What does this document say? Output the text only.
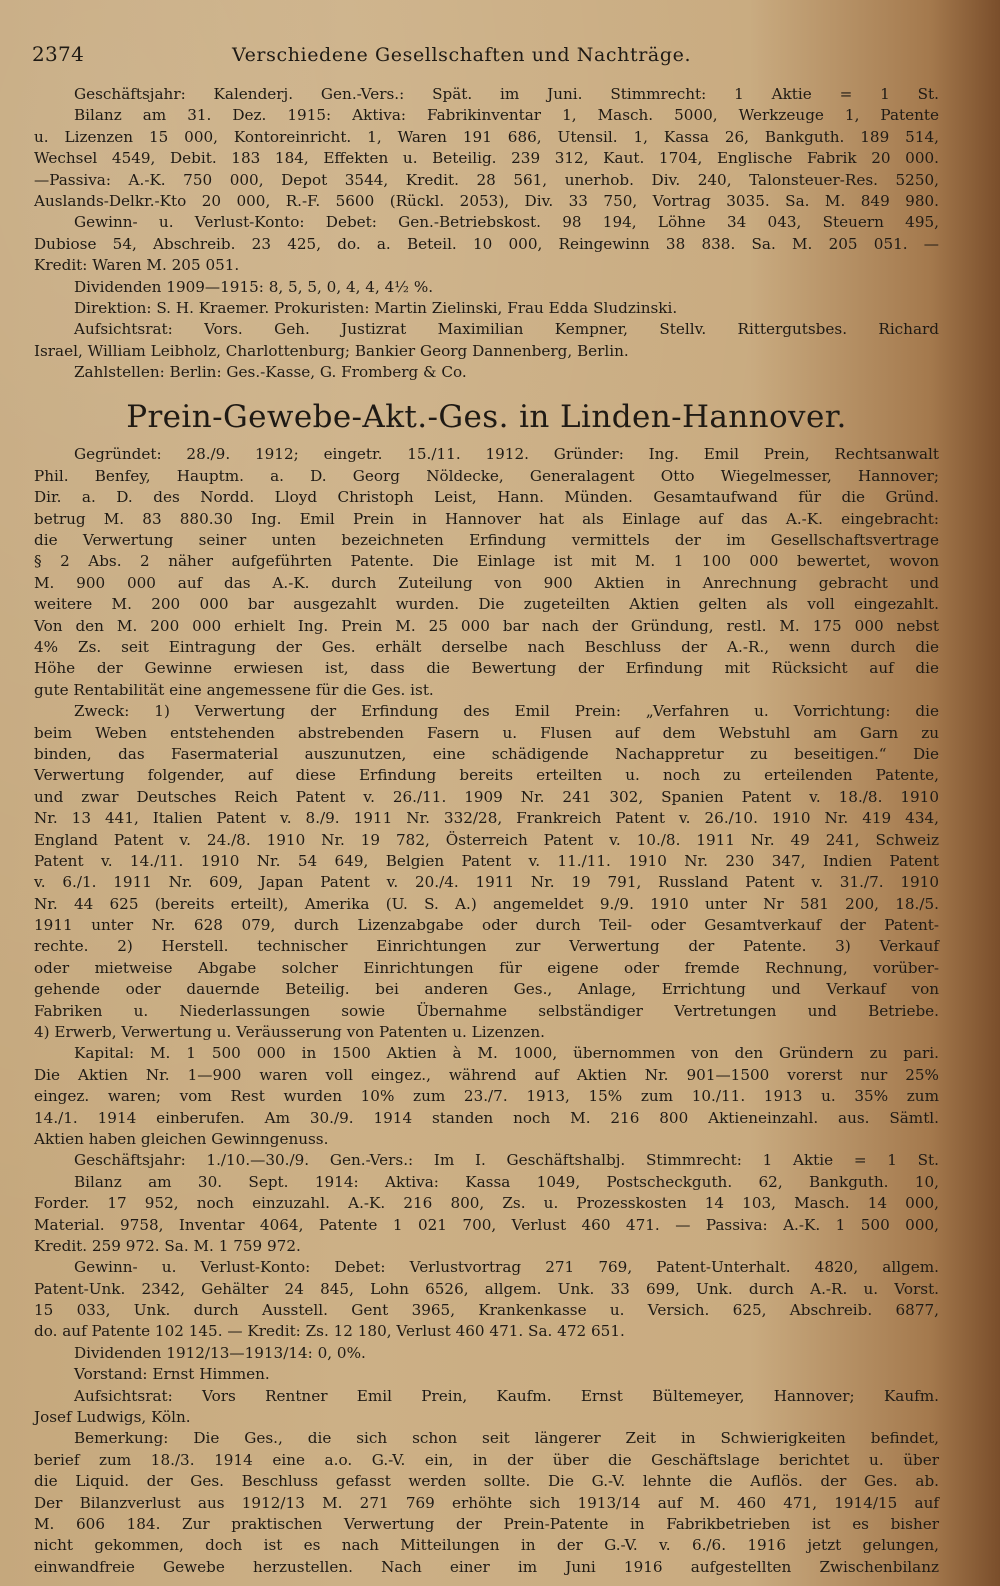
2374	Verschiedene Gesellschaften und Nachträge.
Geschäftsjahr: Kalenderj. Gen.-Vers.: Spät. im Juni. Stimmrecht: 1 Aktie = 1 St.
Bilanz am 31. Dez. 1915: Aktiva: Fabrikinventar 1, Masch. 5000, Werkzeuge 1, Patente
u. Lizenzen 15 000, Kontoreinricht. 1, Waren 191 686, Utensil. 1, Kassa 26, Bankguth. 189 514,
Wechsel 4549, Debit. 183 184, Effekten u. Beteilig. 239 312, Kaut. 1704, Englische Fabrik 20 000.
—Passiva: A.-K. 750 000, Depot 3544, Kredit. 28 561, unerhob. Div. 240, Talonsteuer-Res. 5250,
Auslands-Delkr.-Kto 20 000, R.-F. 5600 (Rückl. 2053), Div. 33 750, Vortrag 3035. Sa. M. 849 980.
Gewinn- u. Verlust-Konto: Debet: Gen.-Betriebskost. 98 194, Löhne 34 043, Steuern 495,
Dubiose 54, Abschreib. 23 425, do. a. Beteil. 10 000, Reingewinn 38 838. Sa. M. 205 051. —
Kredit: Waren M. 205 051.
Dividenden 1909—1915: 8, 5, 5, 0, 4, 4, 4½ %.
Direktion: S. H. Kraemer. Prokuristen: Martin Zielinski, Frau Edda Sludzinski.
Aufsichtsrat: Vors. Geh. Justizrat Maximilian Kempner, Stellv. Rittergutsbes. Richard
Israel, William Leibholz, Charlottenburg; Bankier Georg Dannenberg, Berlin.
Zahlstellen: Berlin: Ges.-Kasse, G. Fromberg & Co.
Prein-Gewebe-Akt.-Ges. in Linden-Hannover.
Gegründet: 28./9. 1912; eingetr. 15./11. 1912. Gründer: Ing. Emil Prein, Rechtsanwalt
Phil. Benfey, Hauptm. a. D. Georg Nöldecke, Generalagent Otto Wiegelmesser, Hannover;
Dir. a. D. des Nordd. Lloyd Christoph Leist, Hann. Münden. Gesamtaufwand für die Gründ.
betrug M. 83 880.30 Ing. Emil Prein in Hannover hat als Einlage auf das A.-K. eingebracht:
die Verwertung seiner unten bezeichneten Erfindung vermittels der im Gesellschaftsvertrage
§ 2 Abs. 2 näher aufgeführten Patente. Die Einlage ist mit M. 1 100 000 bewertet, wovon
M. 900 000 auf das A.-K. durch Zuteilung von 900 Aktien in Anrechnung gebracht und
weitere M. 200 000 bar ausgezahlt wurden. Die zugeteilten Aktien gelten als voll eingezahlt.
Von den M. 200 000 erhielt Ing. Prein M. 25 000 bar nach der Gründung, restl. M. 175 000 nebst
4% Zs. seit Eintragung der Ges. erhält derselbe nach Beschluss der A.-R., wenn durch die
Höhe der Gewinne erwiesen ist, dass die Bewertung der Erfindung mit Rücksicht auf die
gute Rentabilität eine angemessene für die Ges. ist.
Zweck: 1) Verwertung der Erfindung des Emil Prein: „Verfahren u. Vorrichtung: die
beim Weben entstehenden abstrebenden Fasern u. Flusen auf dem Webstuhl am Garn zu
binden, das Fasermaterial auszunutzen, eine schädigende Nachappretur zu beseitigen.“ Die
Verwertung folgender, auf diese Erfindung bereits erteilten u. noch zu erteilenden Patente,
und zwar Deutsches Reich Patent v. 26./11. 1909 Nr. 241 302, Spanien Patent v. 18./8. 1910
Nr. 13 441, Italien Patent v. 8./9. 1911 Nr. 332/28, Frankreich Patent v. 26./10. 1910 Nr. 419 434,
England Patent v. 24./8. 1910 Nr. 19 782, Österreich Patent v. 10./8. 1911 Nr. 49 241, Schweiz
Patent v. 14./11. 1910 Nr. 54 649, Belgien Patent v. 11./11. 1910 Nr. 230 347, Indien Patent
v. 6./1. 1911 Nr. 609, Japan Patent v. 20./4. 1911 Nr. 19 791, Russland Patent v. 31./7. 1910
Nr. 44 625 (bereits erteilt), Amerika (U. S. A.) angemeldet 9./9. 1910 unter Nr 581 200, 18./5.
1911 unter Nr. 628 079, durch Lizenzabgabe oder durch Teil- oder Gesamtverkauf der Patent-
rechte. 2) Herstell. technischer Einrichtungen zur Verwertung der Patente. 3) Verkauf
oder mietweise Abgabe solcher Einrichtungen für eigene oder fremde Rechnung, vorüber-
gehende oder dauernde Beteilig. bei anderen Ges., Anlage, Errichtung und Verkauf von
Fabriken u. Niederlassungen sowie Übernahme selbständiger Vertretungen und Betriebe.
4) Erwerb, Verwertung u. Veräusserung von Patenten u. Lizenzen.
Kapital: M. 1 500 000 in 1500 Aktien à M. 1000, übernommen von den Gründern zu pari.
Die Aktien Nr. 1—900 waren voll eingez., während auf Aktien Nr. 901—1500 vorerst nur 25%
eingez. waren; vom Rest wurden 10% zum 23./7. 1913, 15% zum 10./11. 1913 u. 35% zum
14./1. 1914 einberufen. Am 30./9. 1914 standen noch M. 216 800 Aktieneinzahl. aus. Sämtl.
Aktien haben gleichen Gewinngenuss.
Geschäftsjahr: 1./10.—30./9. Gen.-Vers.: Im I. Geschäftshalbj. Stimmrecht: 1 Aktie = 1 St.
Bilanz am 30. Sept. 1914: Aktiva: Kassa 1049, Postscheckguth. 62, Bankguth. 10,
Forder. 17 952, noch einzuzahl. A.-K. 216 800, Zs. u. Prozesskosten 14 103, Masch. 14 000,
Material. 9758, Inventar 4064, Patente 1 021 700, Verlust 460 471. — Passiva: A.-K. 1 500 000,
Kredit. 259 972. Sa. M. 1 759 972.
Gewinn- u. Verlust-Konto: Debet: Verlustvortrag 271 769, Patent-Unterhalt. 4820, allgem.
Patent-Unk. 2342, Gehälter 24 845, Lohn 6526, allgem. Unk. 33 699, Unk. durch A.-R. u. Vorst.
15 033, Unk. durch Ausstell. Gent 3965, Krankenkasse u. Versich. 625, Abschreib. 6877,
do. auf Patente 102 145. — Kredit: Zs. 12 180, Verlust 460 471. Sa. 472 651.
Dividenden 1912/13—1913/14: 0, 0%.
Vorstand: Ernst Himmen.
Aufsichtsrat: Vors Rentner Emil Prein, Kaufm. Ernst Bültemeyer, Hannover; Kaufm.
Josef Ludwigs, Köln.
Bemerkung: Die Ges., die sich schon seit längerer Zeit in Schwierigkeiten befindet,
berief zum 18./3. 1914 eine a.o. G.-V. ein, in der über die Geschäftslage berichtet u. über
die Liquid. der Ges. Beschluss gefasst werden sollte. Die G.-V. lehnte die Auflös. der Ges. ab.
Der Bilanzverlust aus 1912/13 M. 271 769 erhöhte sich 1913/14 auf M. 460 471, 1914/15 auf
M. 606 184. Zur praktischen Verwertung der Prein-Patente in Fabrikbetrieben ist es bisher
nicht gekommen, doch ist es nach Mitteilungen in der G.-V. v. 6./6. 1916 jetzt gelungen,
einwandfreie Gewebe herzustellen. Nach einer im Juni 1916 aufgestellten Zwischenbilanz
